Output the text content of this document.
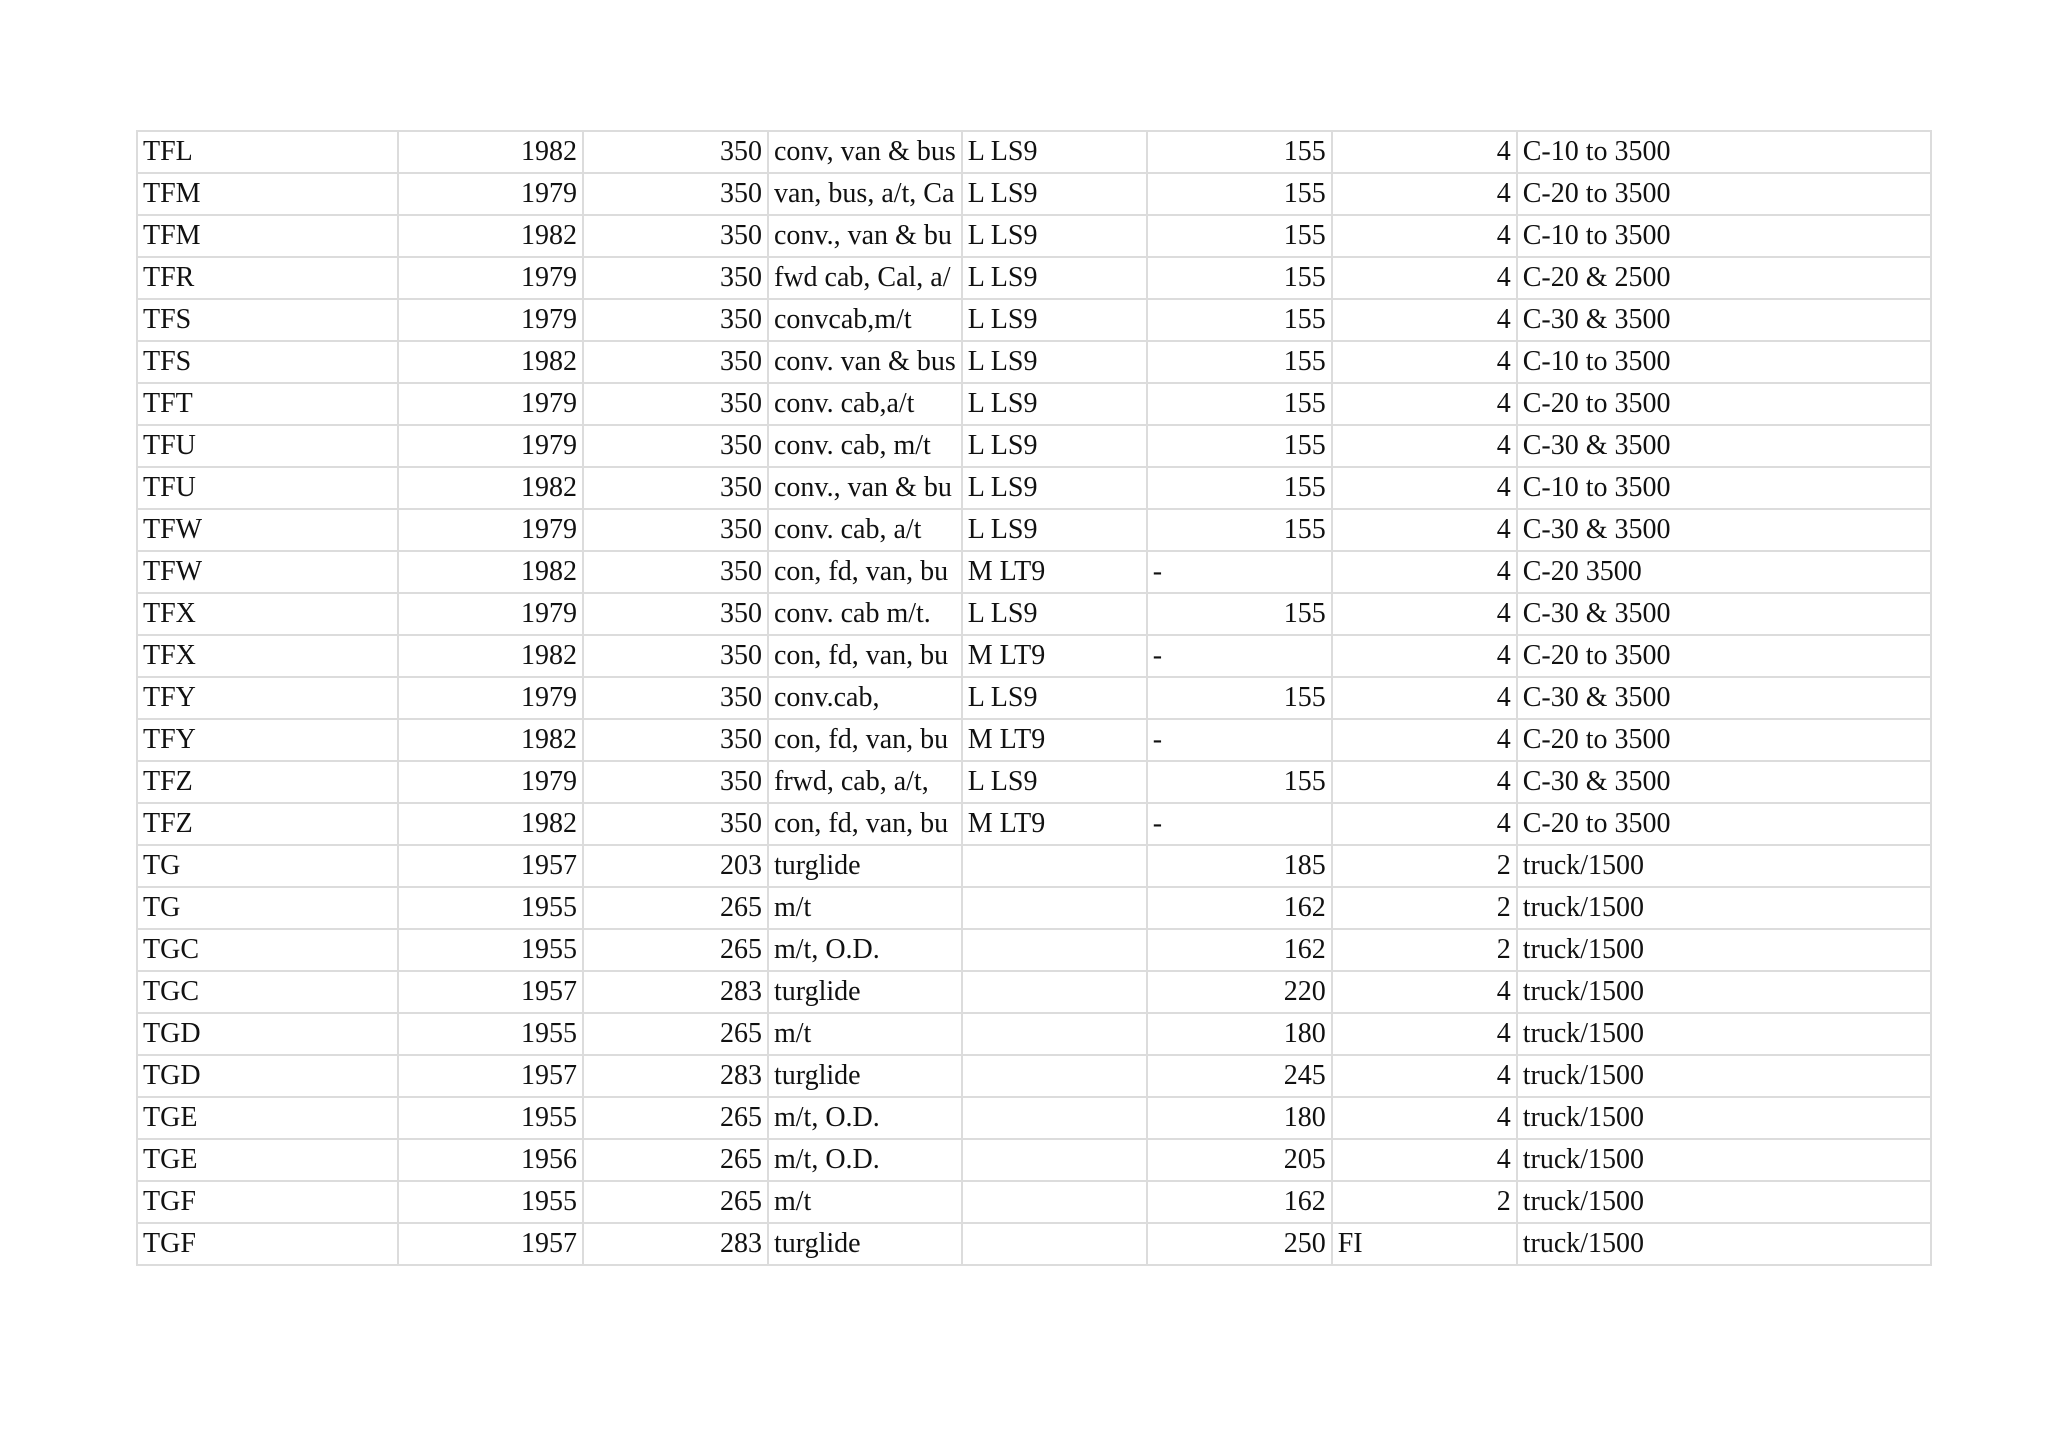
TFL	1982	350	conv, van & bus	L LS9	155	4	C-10 to 3500
TFM	1979	350	van, bus, a/t, Ca	L LS9	155	4	C-20 to 3500
TFM	1982	350	conv., van & bu	L LS9	155	4	C-10 to 3500
TFR	1979	350	fwd cab, Cal, a/	L LS9	155	4	C-20 & 2500
TFS	1979	350	convcab,m/t	L LS9	155	4	C-30 & 3500
TFS	1982	350	conv. van & bus	L LS9	155	4	C-10 to 3500
TFT	1979	350	conv. cab,a/t	L LS9	155	4	C-20 to 3500
TFU	1979	350	conv. cab, m/t	L LS9	155	4	C-30 & 3500
TFU	1982	350	conv., van & bu	L LS9	155	4	C-10 to 3500
TFW	1979	350	conv. cab, a/t	L LS9	155	4	C-30 & 3500
TFW	1982	350	con, fd, van, bu	M LT9	-	4	C-20 3500
TFX	1979	350	conv. cab m/t.	L LS9	155	4	C-30 & 3500
TFX	1982	350	con, fd, van, bu	M LT9	-	4	C-20 to 3500
TFY	1979	350	conv.cab,	L LS9	155	4	C-30 & 3500
TFY	1982	350	con, fd, van, bu	M LT9	-	4	C-20 to 3500
TFZ	1979	350	frwd, cab, a/t,	L LS9	155	4	C-30 & 3500
TFZ	1982	350	con, fd, van, bu	M LT9	-	4	C-20 to 3500
TG	1957	203	turglide		185	2	truck/1500
TG	1955	265	m/t		162	2	truck/1500
TGC	1955	265	m/t, O.D.		162	2	truck/1500
TGC	1957	283	turglide		220	4	truck/1500
TGD	1955	265	m/t		180	4	truck/1500
TGD	1957	283	turglide		245	4	truck/1500
TGE	1955	265	m/t, O.D.		180	4	truck/1500
TGE	1956	265	m/t, O.D.		205	4	truck/1500
TGF	1955	265	m/t		162	2	truck/1500
TGF	1957	283	turglide		250	FI	truck/1500
